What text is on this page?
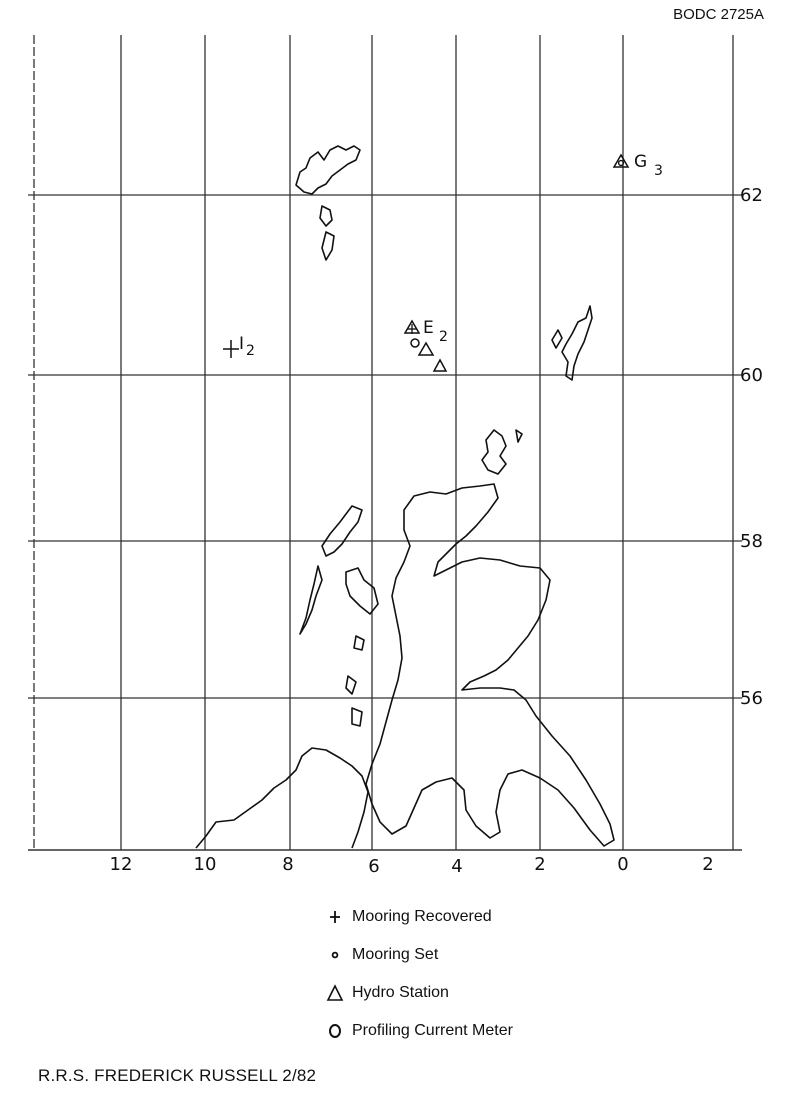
BODC 2725A
G 3
E 2
I 2
12	10	8	6	4	2	0	2
62
60
58
56
Mooring Recovered
Mooring Set
Hydro Station
Profiling Current Meter
R.R.S. FREDERICK RUSSELL 2/82
